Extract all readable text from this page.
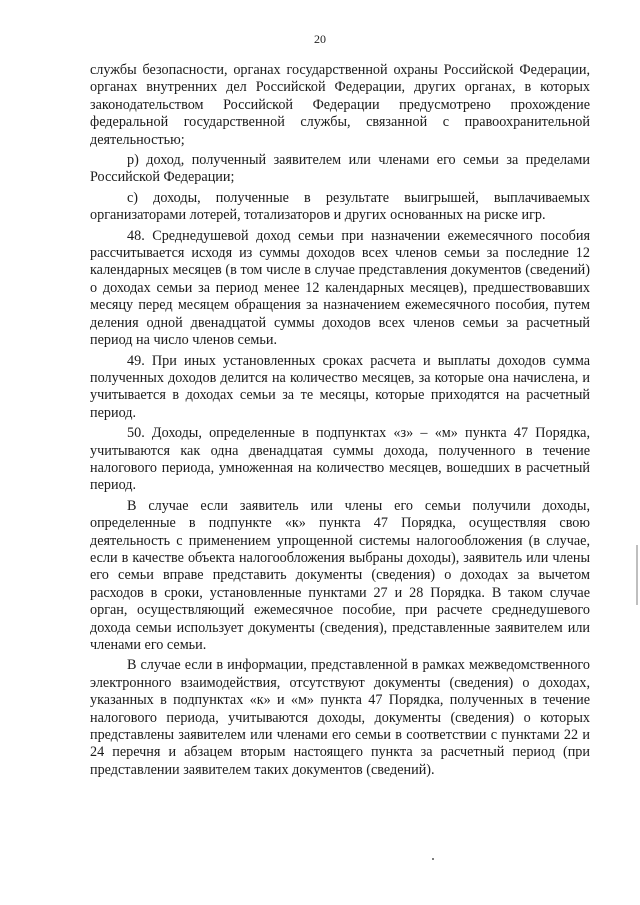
20

службы безопасности, органах государственной охраны Российской Федерации, органах внутренних дел Российской Федерации, других органах, в которых законодательством Российской Федерации предусмотрено прохождение федеральной государственной службы, связанной с правоохранительной деятельностью;

р) доход, полученный заявителем или членами его семьи за пределами Российской Федерации;

с) доходы, полученные в результате выигрышей, выплачиваемых организаторами лотерей, тотализаторов и других основанных на риске игр.

48. Среднедушевой доход семьи при назначении ежемесячного пособия рассчитывается исходя из суммы доходов всех членов семьи за последние 12 календарных месяцев (в том числе в случае представления документов (сведений) о доходах семьи за период менее 12 календарных месяцев), предшествовавших месяцу перед месяцем обращения за назначением ежемесячного пособия, путем деления одной двенадцатой суммы доходов всех членов семьи за расчетный период на число членов семьи.

49. При иных установленных сроках расчета и выплаты доходов сумма полученных доходов делится на количество месяцев, за которые она начислена, и учитывается в доходах семьи за те месяцы, которые приходятся на расчетный период.

50. Доходы, определенные в подпунктах «з» – «м» пункта 47 Порядка, учитываются как одна двенадцатая суммы дохода, полученного в течение налогового периода, умноженная на количество месяцев, вошедших в расчетный период.

В случае если заявитель или члены его семьи получили доходы, определенные в подпункте «к» пункта 47 Порядка, осуществляя свою деятельность с применением упрощенной системы налогообложения (в случае, если в качестве объекта налогообложения выбраны доходы), заявитель или члены его семьи вправе представить документы (сведения) о доходах за вычетом расходов в сроки, установленные пунктами 27 и 28 Порядка. В таком случае орган, осуществляющий ежемесячное пособие, при расчете среднедушевого дохода семьи использует документы (сведения), представленные заявителем или членами его семьи.

В случае если в информации, представленной в рамках межведомственного электронного взаимодействия, отсутствуют документы (сведения) о доходах, указанных в подпунктах «к» и «м» пункта 47 Порядка, полученных в течение налогового периода, учитываются доходы, документы (сведения) о которых представлены заявителем или членами его семьи в соответствии с пунктами 22 и 24 перечня и абзацем вторым настоящего пункта за расчетный период (при представлении заявителем таких документов (сведений).
